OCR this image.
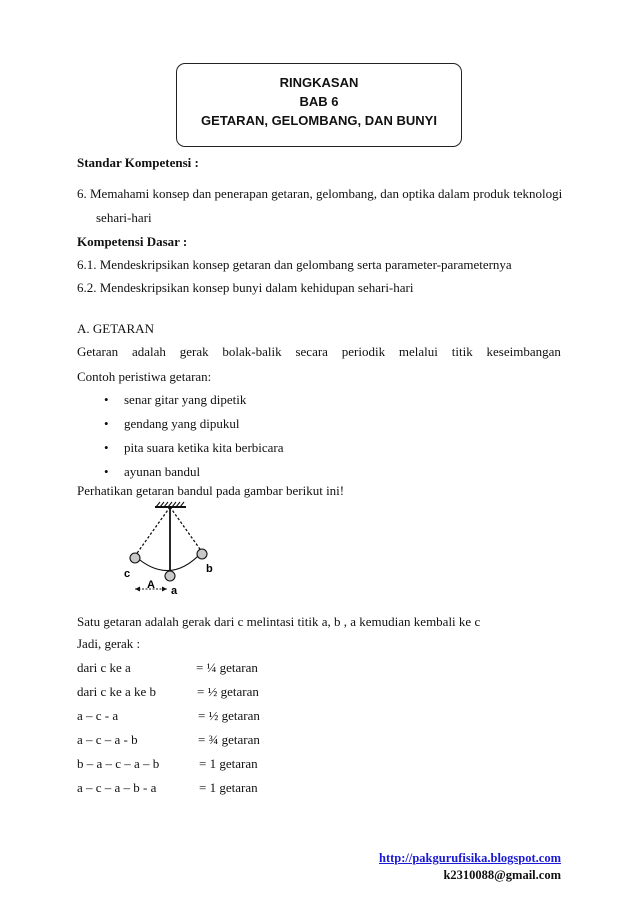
RINGKASAN
BAB 6
GETARAN, GELOMBANG, DAN BUNYI
Standar Kompetensi :
6. Memahami konsep dan penerapan getaran, gelombang, dan optika dalam produk teknologi
sehari-hari
Kompetensi Dasar :
6.1. Mendeskripsikan konsep getaran dan gelombang serta parameter-parameternya
6.2. Mendeskripsikan konsep bunyi dalam kehidupan sehari-hari
A. GETARAN
Getaran adalah gerak bolak-balik secara periodik melalui titik keseimbangan
Contoh peristiwa getaran:
• senar gitar yang dipetik
• gendang yang dipukul
• pita suara ketika kita berbicara
• ayunan bandul
Perhatikan getaran bandul pada gambar berikut ini!
c	b
A a
Satu getaran adalah gerak dari c melintasi titik a, b , a kemudian kembali ke c
Jadi, gerak :
dari c ke a	= ¼ getaran
dari c ke a ke b	= ½ getaran
a – c - a	= ½ getaran
a – c – a - b	= ¾ getaran
b – a – c – a – b	= 1 getaran
a – c – a – b - a	= 1 getaran
http://pakgurufisika.blogspot.com
k2310088@gmail.com
